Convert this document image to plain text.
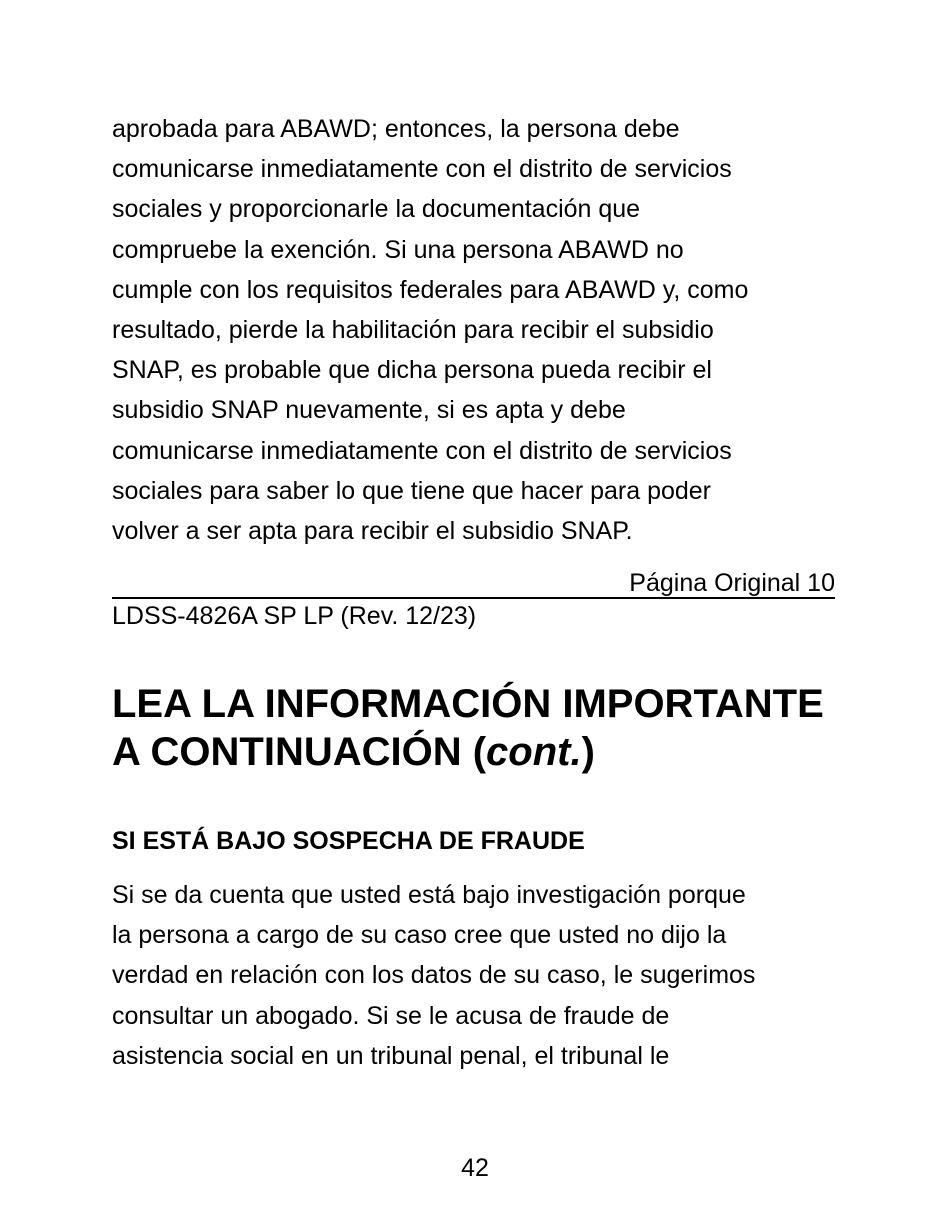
aprobada para ABAWD; entonces, la persona debe
comunicarse inmediatamente con el distrito de servicios
sociales y proporcionarle la documentación que
compruebe la exención. Si una persona ABAWD no
cumple con los requisitos federales para ABAWD y, como
resultado, pierde la habilitación para recibir el subsidio
SNAP, es probable que dicha persona pueda recibir el
subsidio SNAP nuevamente, si es apta y debe
comunicarse inmediatamente con el distrito de servicios
sociales para saber lo que tiene que hacer para poder
volver a ser apta para recibir el subsidio SNAP.
Página Original 10
LDSS-4826A SP LP (Rev. 12/23)
LEA LA INFORMACIÓN IMPORTANTE
A CONTINUACIÓN (cont.)
SI ESTÁ BAJO SOSPECHA DE FRAUDE
Si se da cuenta que usted está bajo investigación porque
la persona a cargo de su caso cree que usted no dijo la
verdad en relación con los datos de su caso, le sugerimos
consultar un abogado. Si se le acusa de fraude de
asistencia social en un tribunal penal, el tribunal le
42
